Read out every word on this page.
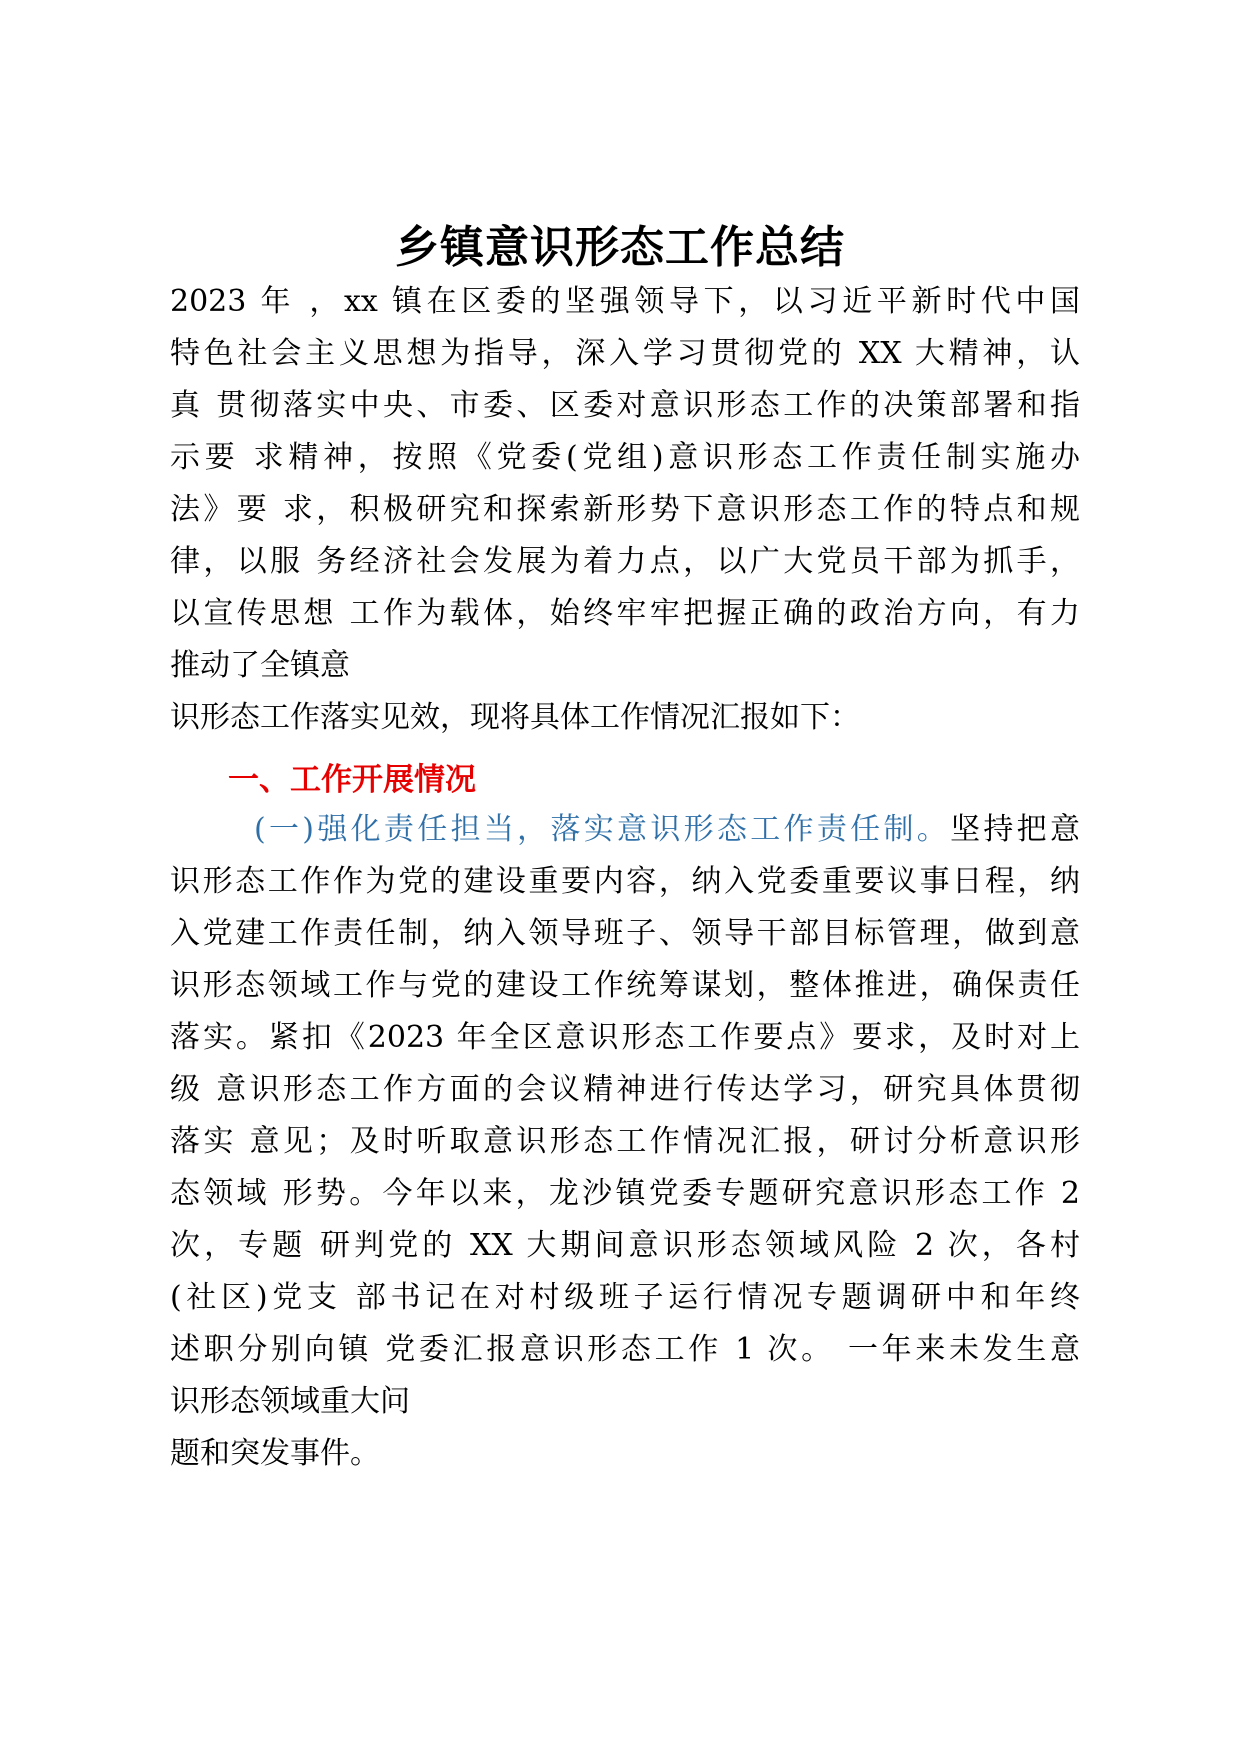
乡镇意识形态工作总结
2023 年 ，xx 镇在区委的坚强领导下，以习近平新时代中国
特色社会主义思想为指导，深入学习贯彻党的 XX 大精神，认
真 贯彻落实中央、市委、区委对意识形态工作的决策部署和指
示要 求精神，按照《党委(党组)意识形态工作责任制实施办
法》要 求，积极研究和探索新形势下意识形态工作的特点和规
律，以服 务经济社会发展为着力点，以广大党员干部为抓手，
以宣传思想 工作为载体，始终牢牢把握正确的政治方向，有力
推动了全镇意
识形态工作落实见效，现将具体工作情况汇报如下：
一、工作开展情况
(一)强化责任担当，落实意识形态工作责任制。坚持把意
识形态工作作为党的建设重要内容，纳入党委重要议事日程，纳
入党建工作责任制，纳入领导班子、领导干部目标管理，做到意
识形态领域工作与党的建设工作统筹谋划，整体推进，确保责任
落实。紧扣《2023 年全区意识形态工作要点》要求，及时对上
级 意识形态工作方面的会议精神进行传达学习，研究具体贯彻
落实 意见；及时听取意识形态工作情况汇报，研讨分析意识形
态领域 形势。今年以来，龙沙镇党委专题研究意识形态工作 2
次，专题 研判党的 XX 大期间意识形态领域风险 2 次，各村
(社区)党支 部书记在对村级班子运行情况专题调研中和年终
述职分别向镇 党委汇报意识形态工作 1 次。 一年来未发生意
识形态领域重大问
题和突发事件。
